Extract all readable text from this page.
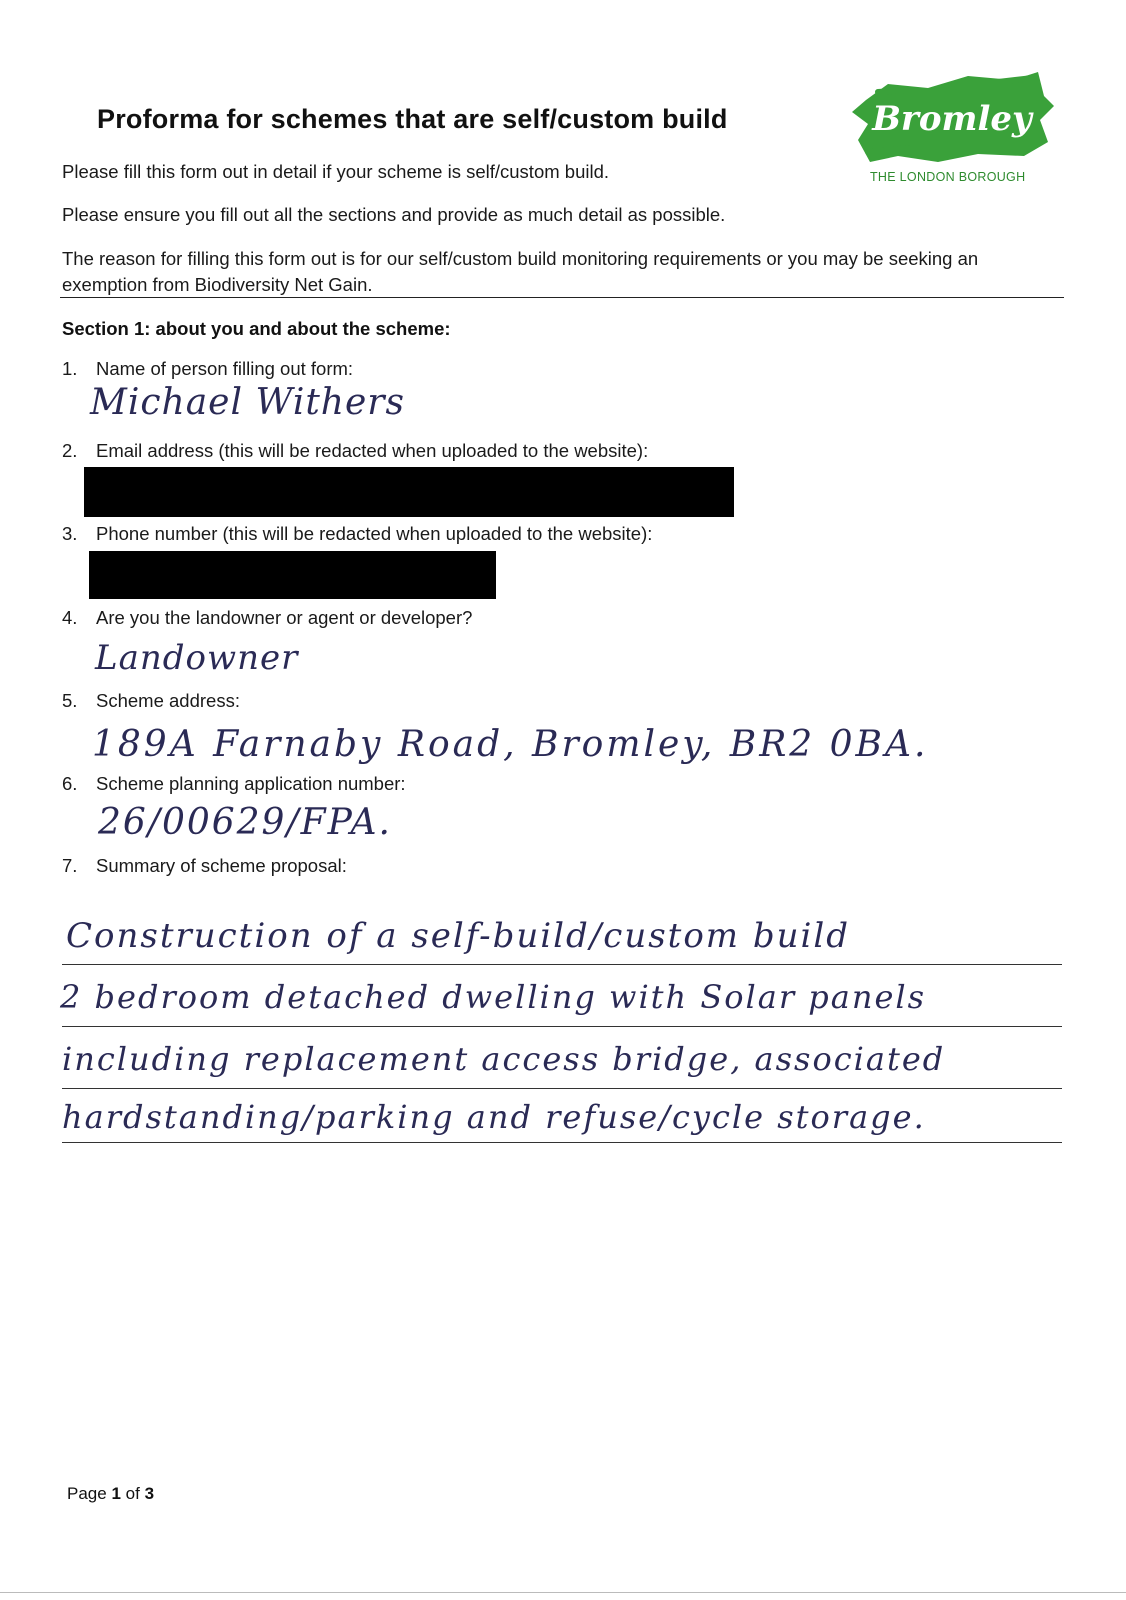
Proforma for schemes that are self/custom build	Bromley
THE LONDON BOROUGH
Please fill this form out in detail if your scheme is self/custom build.
Please ensure you fill out all the sections and provide as much detail as possible.
The reason for filling this form out is for our self/custom build monitoring requirements or you may be seeking an exemption from Biodiversity Net Gain.
Section 1: about you and about the scheme:
1. Name of person filling out form:
Michael Withers
2. Email address (this will be redacted when uploaded to the website):
3. Phone number (this will be redacted when uploaded to the website):
4. Are you the landowner or agent or developer?
Landowner
5. Scheme address:
189A Farnaby Road, Bromley, BR2 0BA.
6. Scheme planning application number:
26/00629/FPA.
7. Summary of scheme proposal:
Construction of a self-build/custom build
2 bedroom detached dwelling with Solar panels
including replacement access bridge, associated
hardstanding/parking and refuse/cycle storage.
Page 1 of 3
